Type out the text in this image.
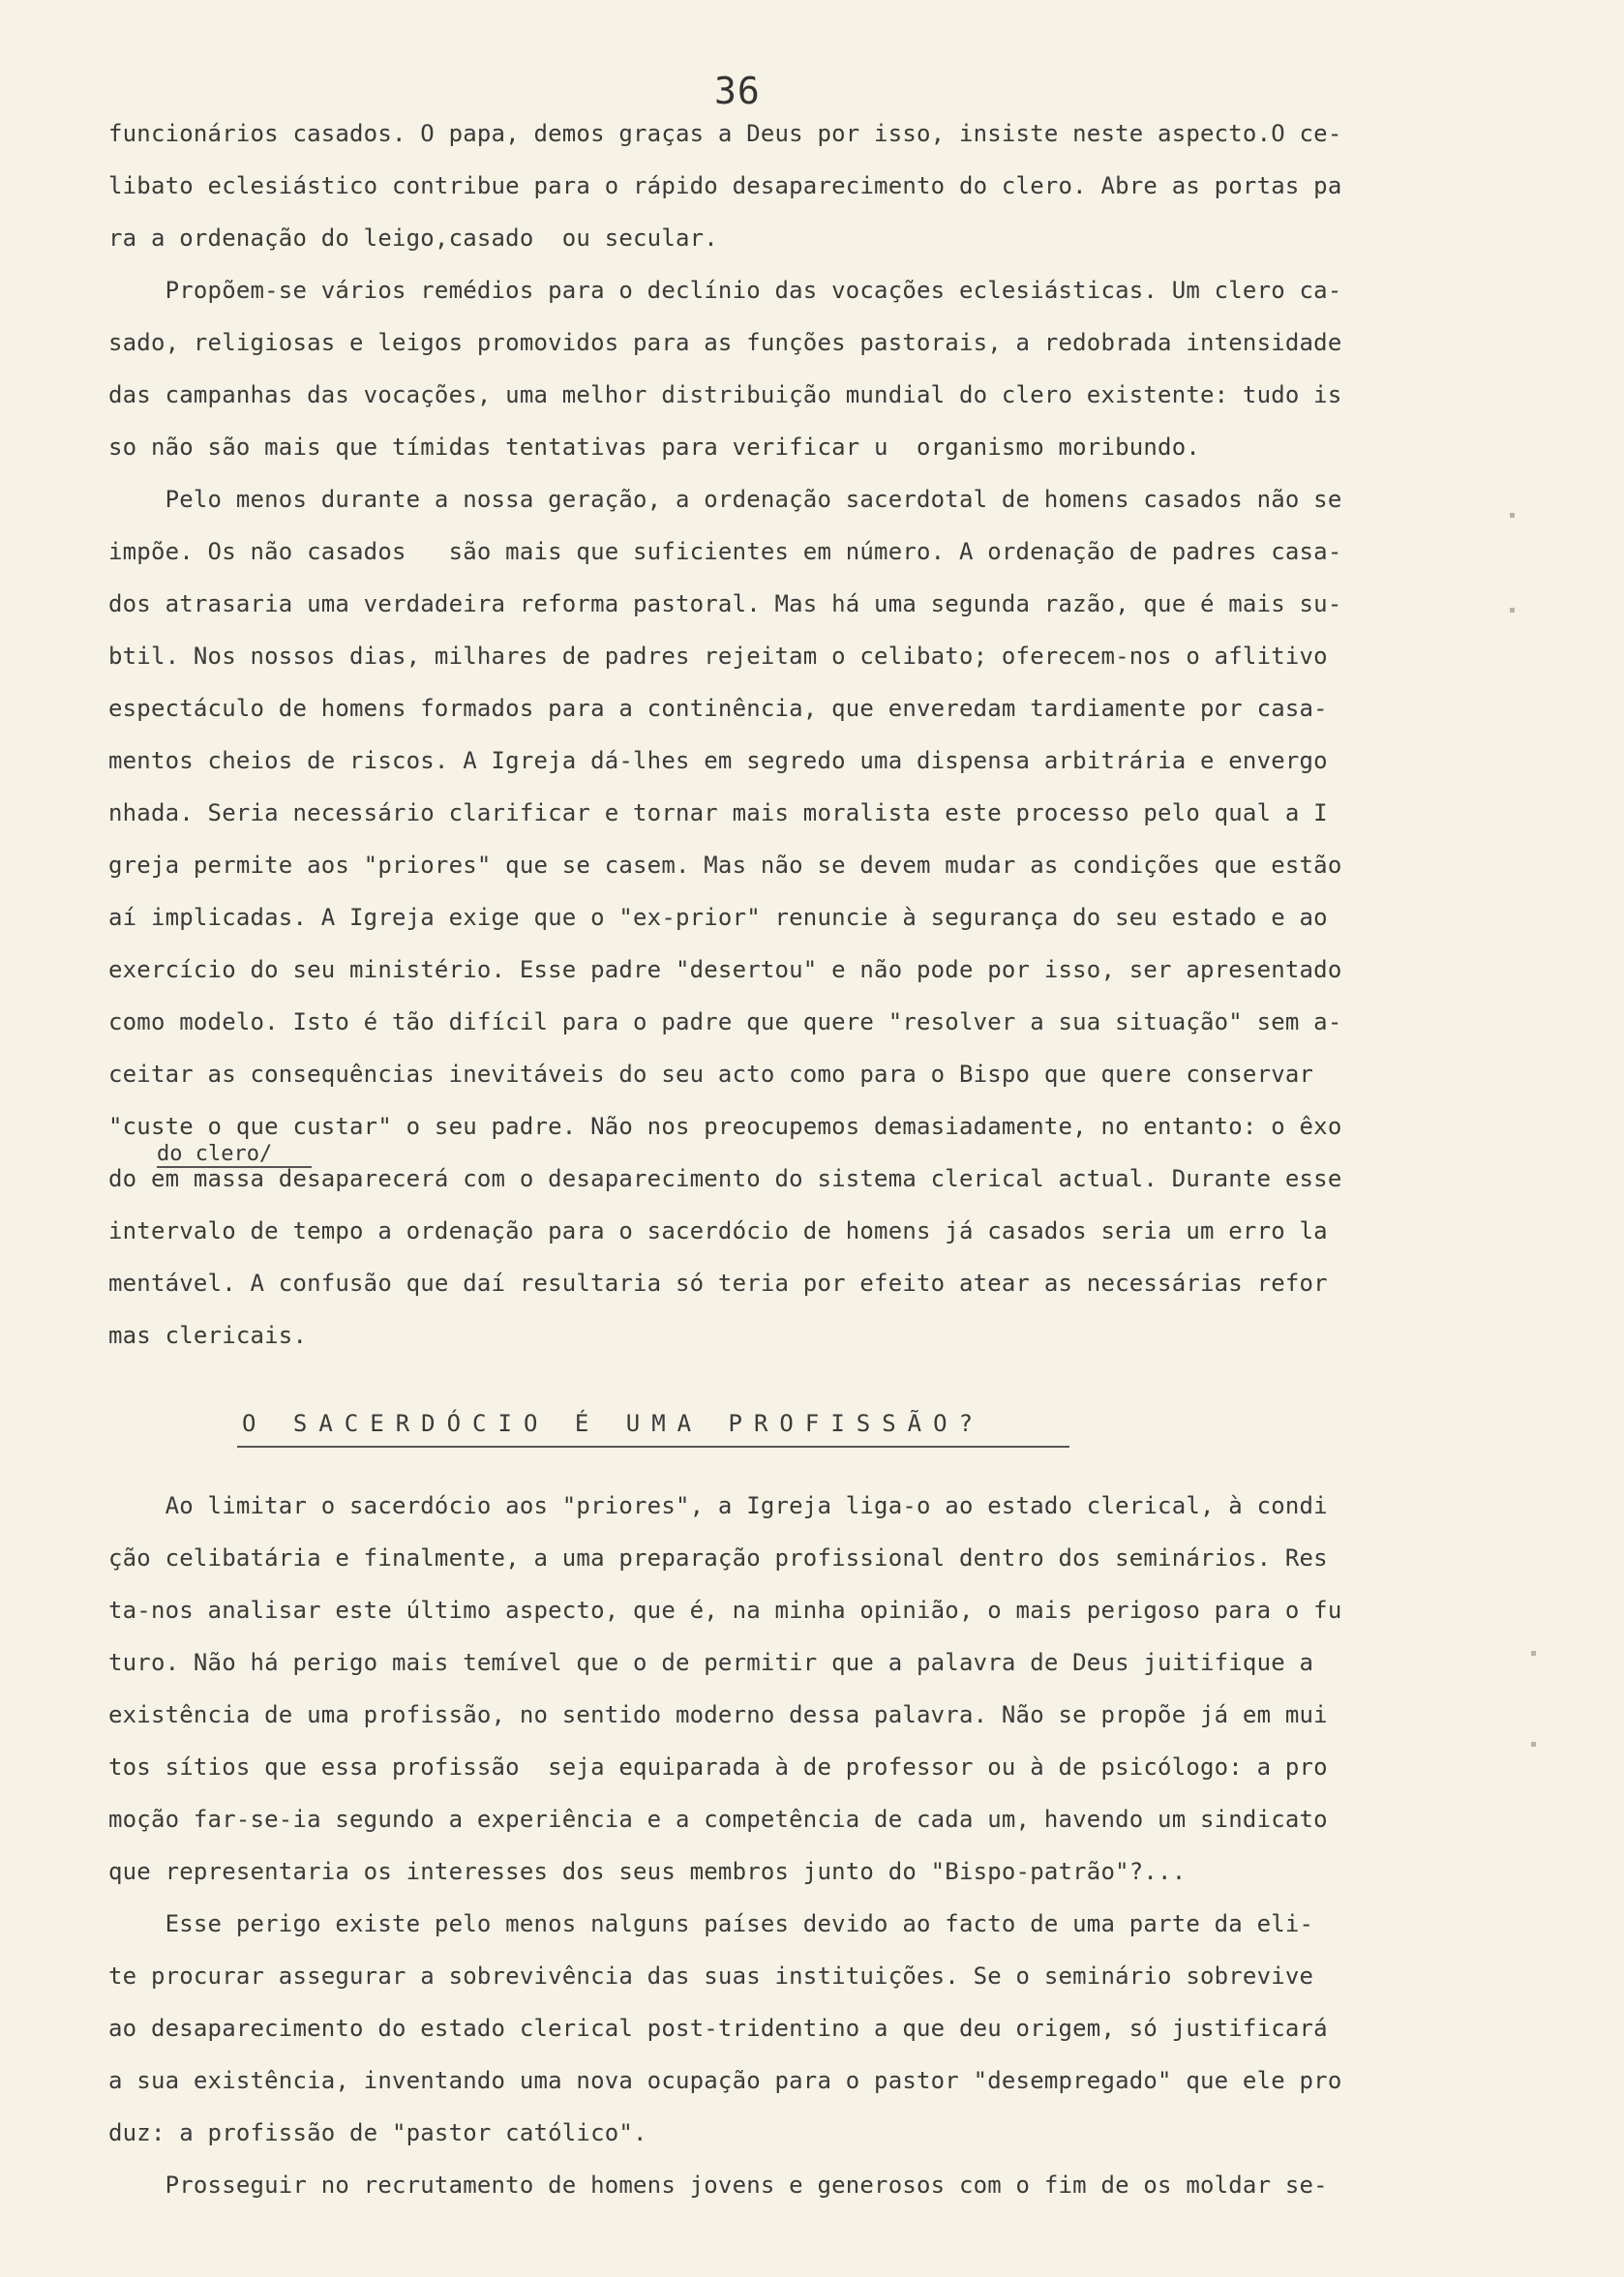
36
funcionários casados. O papa, demos graças a Deus por isso, insiste neste aspecto.O ce-
libato eclesiástico contribue para o rápido desaparecimento do clero. Abre as portas pa
ra a ordenação do leigo,casado  ou secular.
Propõem-se vários remédios para o declínio das vocações eclesiásticas. Um clero ca-
sado, religiosas e leigos promovidos para as funções pastorais, a redobrada intensidade
das campanhas das vocações, uma melhor distribuição mundial do clero existente: tudo is
so não são mais que tímidas tentativas para verificar u  organismo moribundo.
Pelo menos durante a nossa geração, a ordenação sacerdotal de homens casados não se
impõe. Os não casados   são mais que suficientes em número. A ordenação de padres casa-
dos atrasaria uma verdadeira reforma pastoral. Mas há uma segunda razão, que é mais su-
btil. Nos nossos dias, milhares de padres rejeitam o celibato; oferecem-nos o aflitivo
espectáculo de homens formados para a continência, que enveredam tardiamente por casa-
mentos cheios de riscos. A Igreja dá-lhes em segredo uma dispensa arbitrária e envergo
nhada. Seria necessário clarificar e tornar mais moralista este processo pelo qual a I
greja permite aos "priores" que se casem. Mas não se devem mudar as condições que estão
aí implicadas. A Igreja exige que o "ex-prior" renuncie à segurança do seu estado e ao
exercício do seu ministério. Esse padre "desertou" e não pode por isso, ser apresentado
como modelo. Isto é tão difícil para o padre que quere "resolver a sua situação" sem a-
ceitar as consequências inevitáveis do seu acto como para o Bispo que quere conservar
"custe o que custar" o seu padre. Não nos preocupemos demasiadamente, no entanto: o êxo
do clero/
do em massa desaparecerá com o desaparecimento do sistema clerical actual. Durante esse
intervalo de tempo a ordenação para o sacerdócio de homens já casados seria um erro la
mentável. A confusão que daí resultaria só teria por efeito atear as necessárias refor
mas clericais.
O SACERDÓCIO É UMA PROFISSÃO?
Ao limitar o sacerdócio aos "priores", a Igreja liga-o ao estado clerical, à condi
ção celibatária e finalmente, a uma preparação profissional dentro dos seminários. Res
ta-nos analisar este último aspecto, que é, na minha opinião, o mais perigoso para o fu
turo. Não há perigo mais temível que o de permitir que a palavra de Deus juitifique a
existência de uma profissão, no sentido moderno dessa palavra. Não se propõe já em mui
tos sítios que essa profissão  seja equiparada à de professor ou à de psicólogo: a pro
moção far-se-ia segundo a experiência e a competência de cada um, havendo um sindicato
que representaria os interesses dos seus membros junto do "Bispo-patrão"?...
Esse perigo existe pelo menos nalguns países devido ao facto de uma parte da eli-
te procurar assegurar a sobrevivência das suas instituições. Se o seminário sobrevive
ao desaparecimento do estado clerical post-tridentino a que deu origem, só justificará
a sua existência, inventando uma nova ocupação para o pastor "desempregado" que ele pro
duz: a profissão de "pastor católico".
Prosseguir no recrutamento de homens jovens e generosos com o fim de os moldar se-
